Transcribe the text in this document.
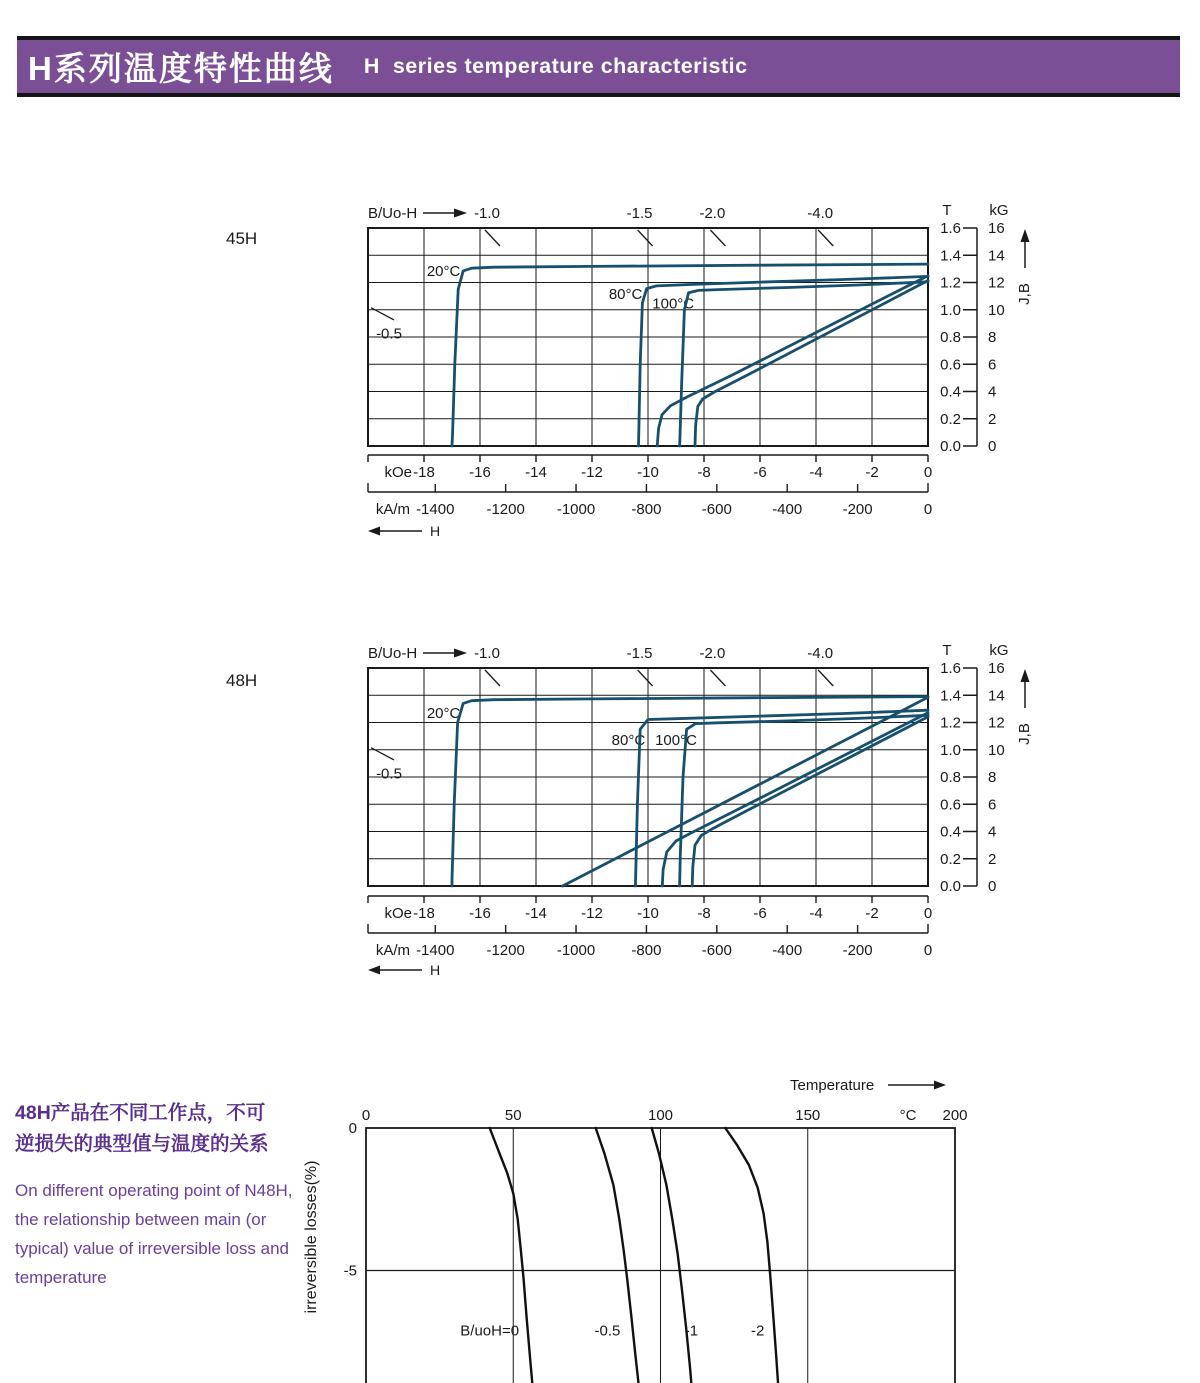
H系列温度特性曲线 H  series temperature characteristic
45H
48H
-18 -16 -14 -12 -10	-8	-6	-4	-2	0
kOe
-1400 -1200 -1000 -800	-600	-400	-200	0
kA/m
H
B/Uo-H	-1.0	-1.5	-2.0	-4.0
-0.5
T	kG
1.6 16
1.4 14
1.2 12
1.0 10
0.8 8
0.6 6
0.4 4
0.2 2
0.0 0
J,B
20°C
80°C
100°C
-18 -16 -14 -12 -10	-8	-6	-4	-2	0
kOe
-1400 -1200 -1000 -800	-600	-400	-200	0
kA/m
H
B/Uo-H	-1.0	-1.5	-2.0	-4.0
-0.5
T	kG
1.6 16
1.4 14
1.2 12
1.0 10
0.8 8
0.6 6
0.4 4
0.2 2
0.0 0
J,B
20°C
80°C 100°C
0	50	100	150	200
°C
0
-5
Temperature
irreversible losses(%)
B/uoH=0	-0.5	-1	-2
48H产品在不同工作点，不可
逆损失的典型值与温度的关系
On different operating point of N48H,
the relationship between main (or
typical) value of irreversible loss and
temperature
